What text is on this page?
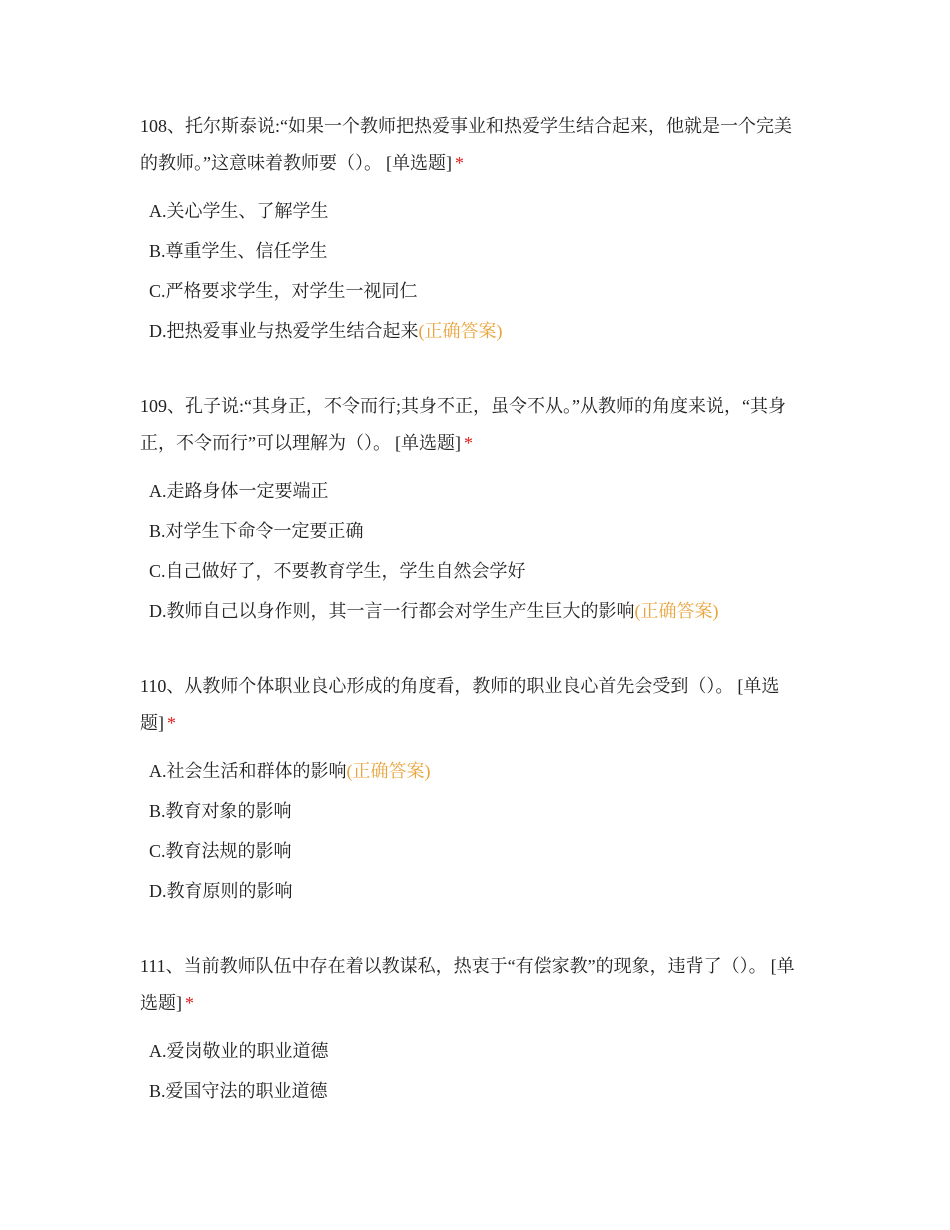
108、托尔斯泰说:“如果一个教师把热爱事业和热爱学生结合起来，他就是一个完美的教师。”这意味着教师要（）。 [单选题] *

A.关心学生、了解学生
B.尊重学生、信任学生
C.严格要求学生，对学生一视同仁
D.把热爱事业与热爱学生结合起来(正确答案)

109、孔子说:“其身正，不令而行;其身不正，虽令不从。”从教师的角度来说，“其身正，不令而行”可以理解为（）。 [单选题] *

A.走路身体一定要端正
B.对学生下命令一定要正确
C.自己做好了，不要教育学生，学生自然会学好
D.教师自己以身作则，其一言一行都会对学生产生巨大的影响(正确答案)

110、从教师个体职业良心形成的角度看，教师的职业良心首先会受到（）。 [单选题] *

A.社会生活和群体的影响(正确答案)
B.教育对象的影响
C.教育法规的影响
D.教育原则的影响

111、当前教师队伍中存在着以教谋私，热衷于“有偿家教”的现象，违背了（）。 [单选题] *

A.爱岗敬业的职业道德
B.爱国守法的职业道德
